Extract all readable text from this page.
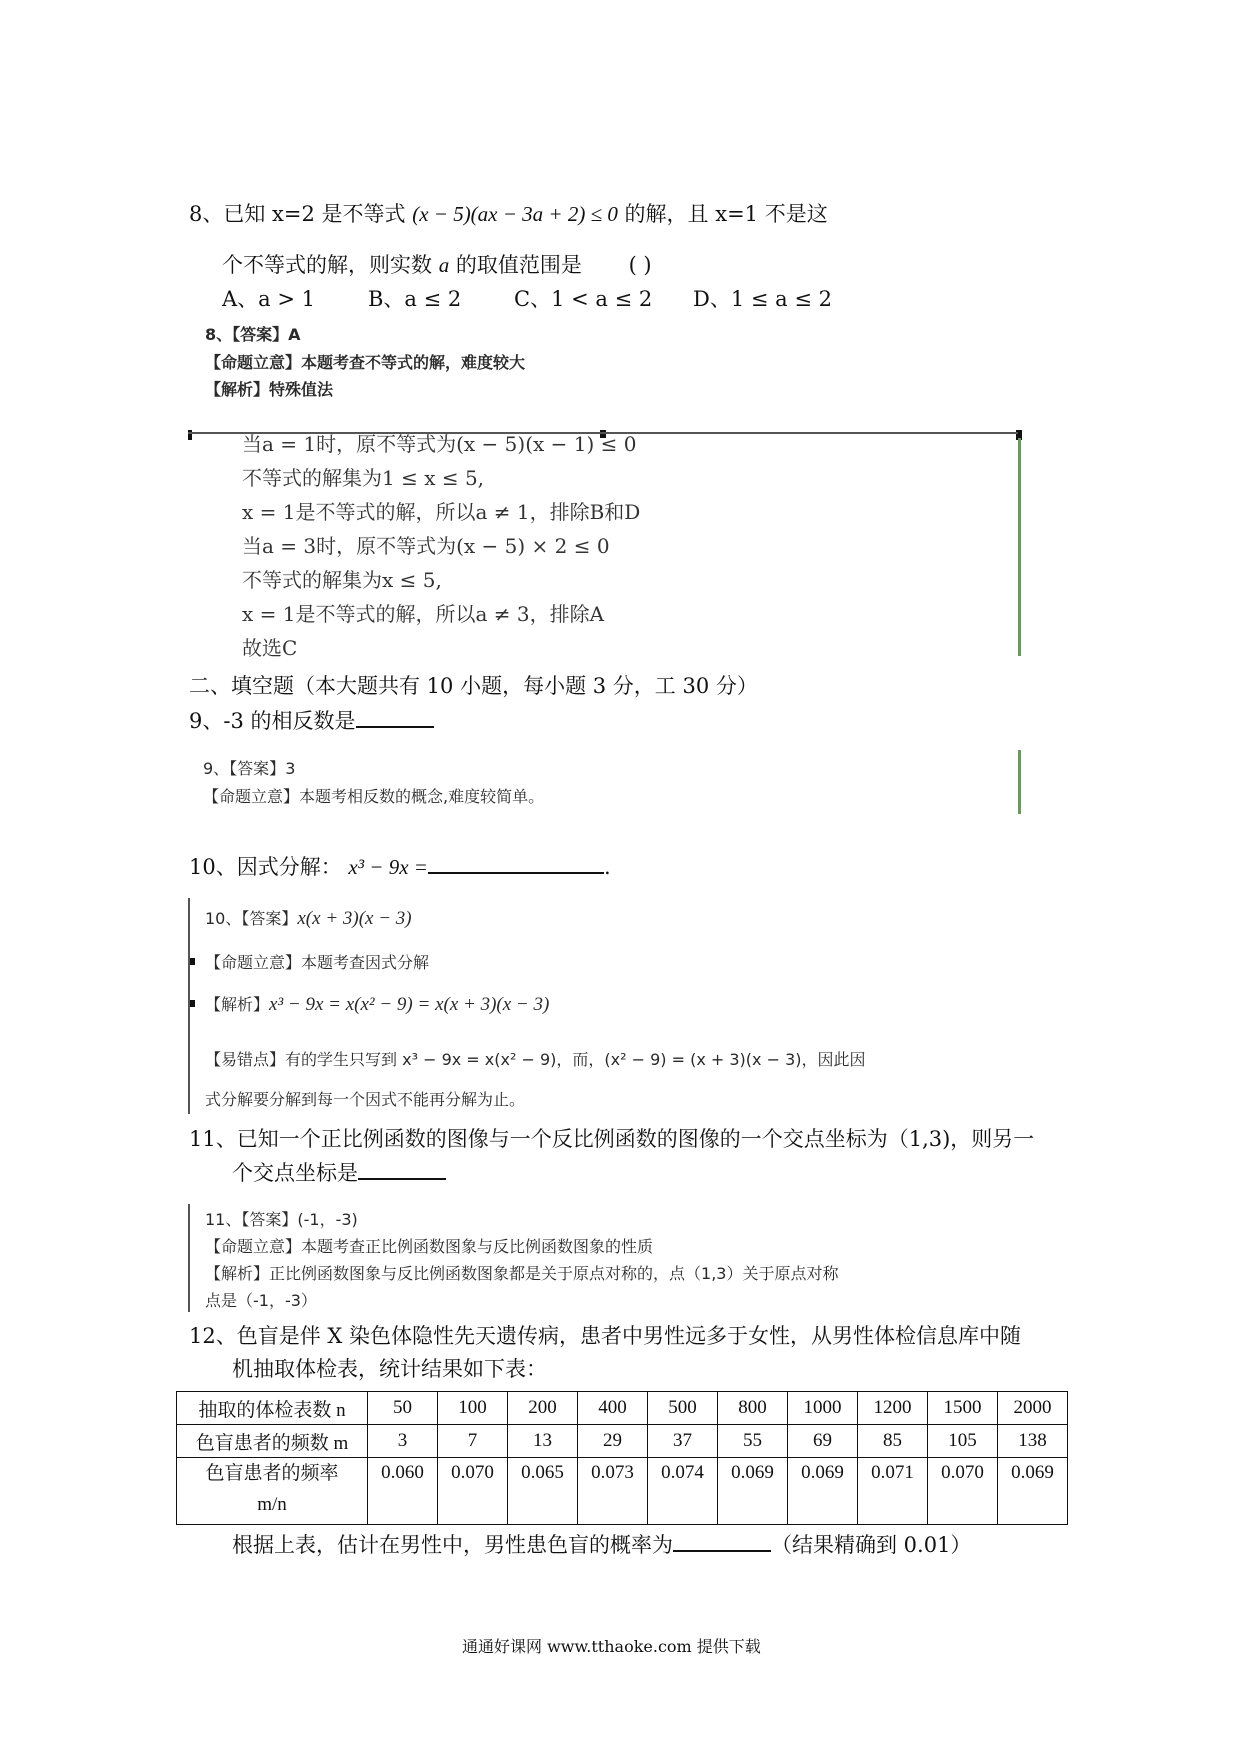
8、已知 x=2 是不等式 (x − 5)(ax − 3a + 2) ≤ 0 的解，且 x=1 不是这
个不等式的解，则实数 a 的取值范围是 ( )
A、a > 1	B、a ≤ 2	C、1 < a ≤ 2 D、1 ≤ a ≤ 2
8、【答案】A
【命题立意】本题考查不等式的解，难度较大
【解析】特殊值法
当a = 1时，原不等式为(x − 5)(x − 1) ≤ 0
不等式的解集为1 ≤ x ≤ 5,
x = 1是不等式的解，所以a ≠ 1，排除B和D
当a = 3时，原不等式为(x − 5) × 2 ≤ 0
不等式的解集为x ≤ 5,
x = 1是不等式的解，所以a ≠ 3，排除A
故选C
二、填空题（本大题共有 10 小题，每小题 3 分，工 30 分）
9、-3 的相反数是
9、【答案】3
【命题立意】本题考相反数的概念,难度较简单。
10、因式分解： x³ − 9x =	.
10、【答案】x(x + 3)(x − 3)
【命题立意】本题考查因式分解
【解析】x³ − 9x = x(x² − 9) = x(x + 3)(x − 3)
【易错点】有的学生只写到 x³ − 9x = x(x² − 9)，而，(x² − 9) = (x + 3)(x − 3)，因此因
式分解要分解到每一个因式不能再分解为止。
11、已知一个正比例函数的图像与一个反比例函数的图像的一个交点坐标为（1,3)，则另一
个交点坐标是
11、【答案】(-1，-3)
【命题立意】本题考查正比例函数图象与反比例函数图象的性质
【解析】正比例函数图象与反比例函数图象都是关于原点对称的，点（1,3）关于原点对称
点是（-1，-3）
12、色盲是伴 X 染色体隐性先天遗传病，患者中男性远多于女性，从男性体检信息库中随
机抽取体检表，统计结果如下表：
抽取的体检表数 n	50	100	200	400	500	800	1000	1200	1500	2000
色盲患者的频数 m	3	7	13	29	37	55	69	85	105	138

色盲患者的频率
m/n	0.060	0.070	0.065	0.073	0.074	0.069	0.069	0.071	0.070	0.069
根据上表，估计在男性中，男性患色盲的概率为	（结果精确到 0.01）
通通好课网 www.tthaoke.com 提供下载
